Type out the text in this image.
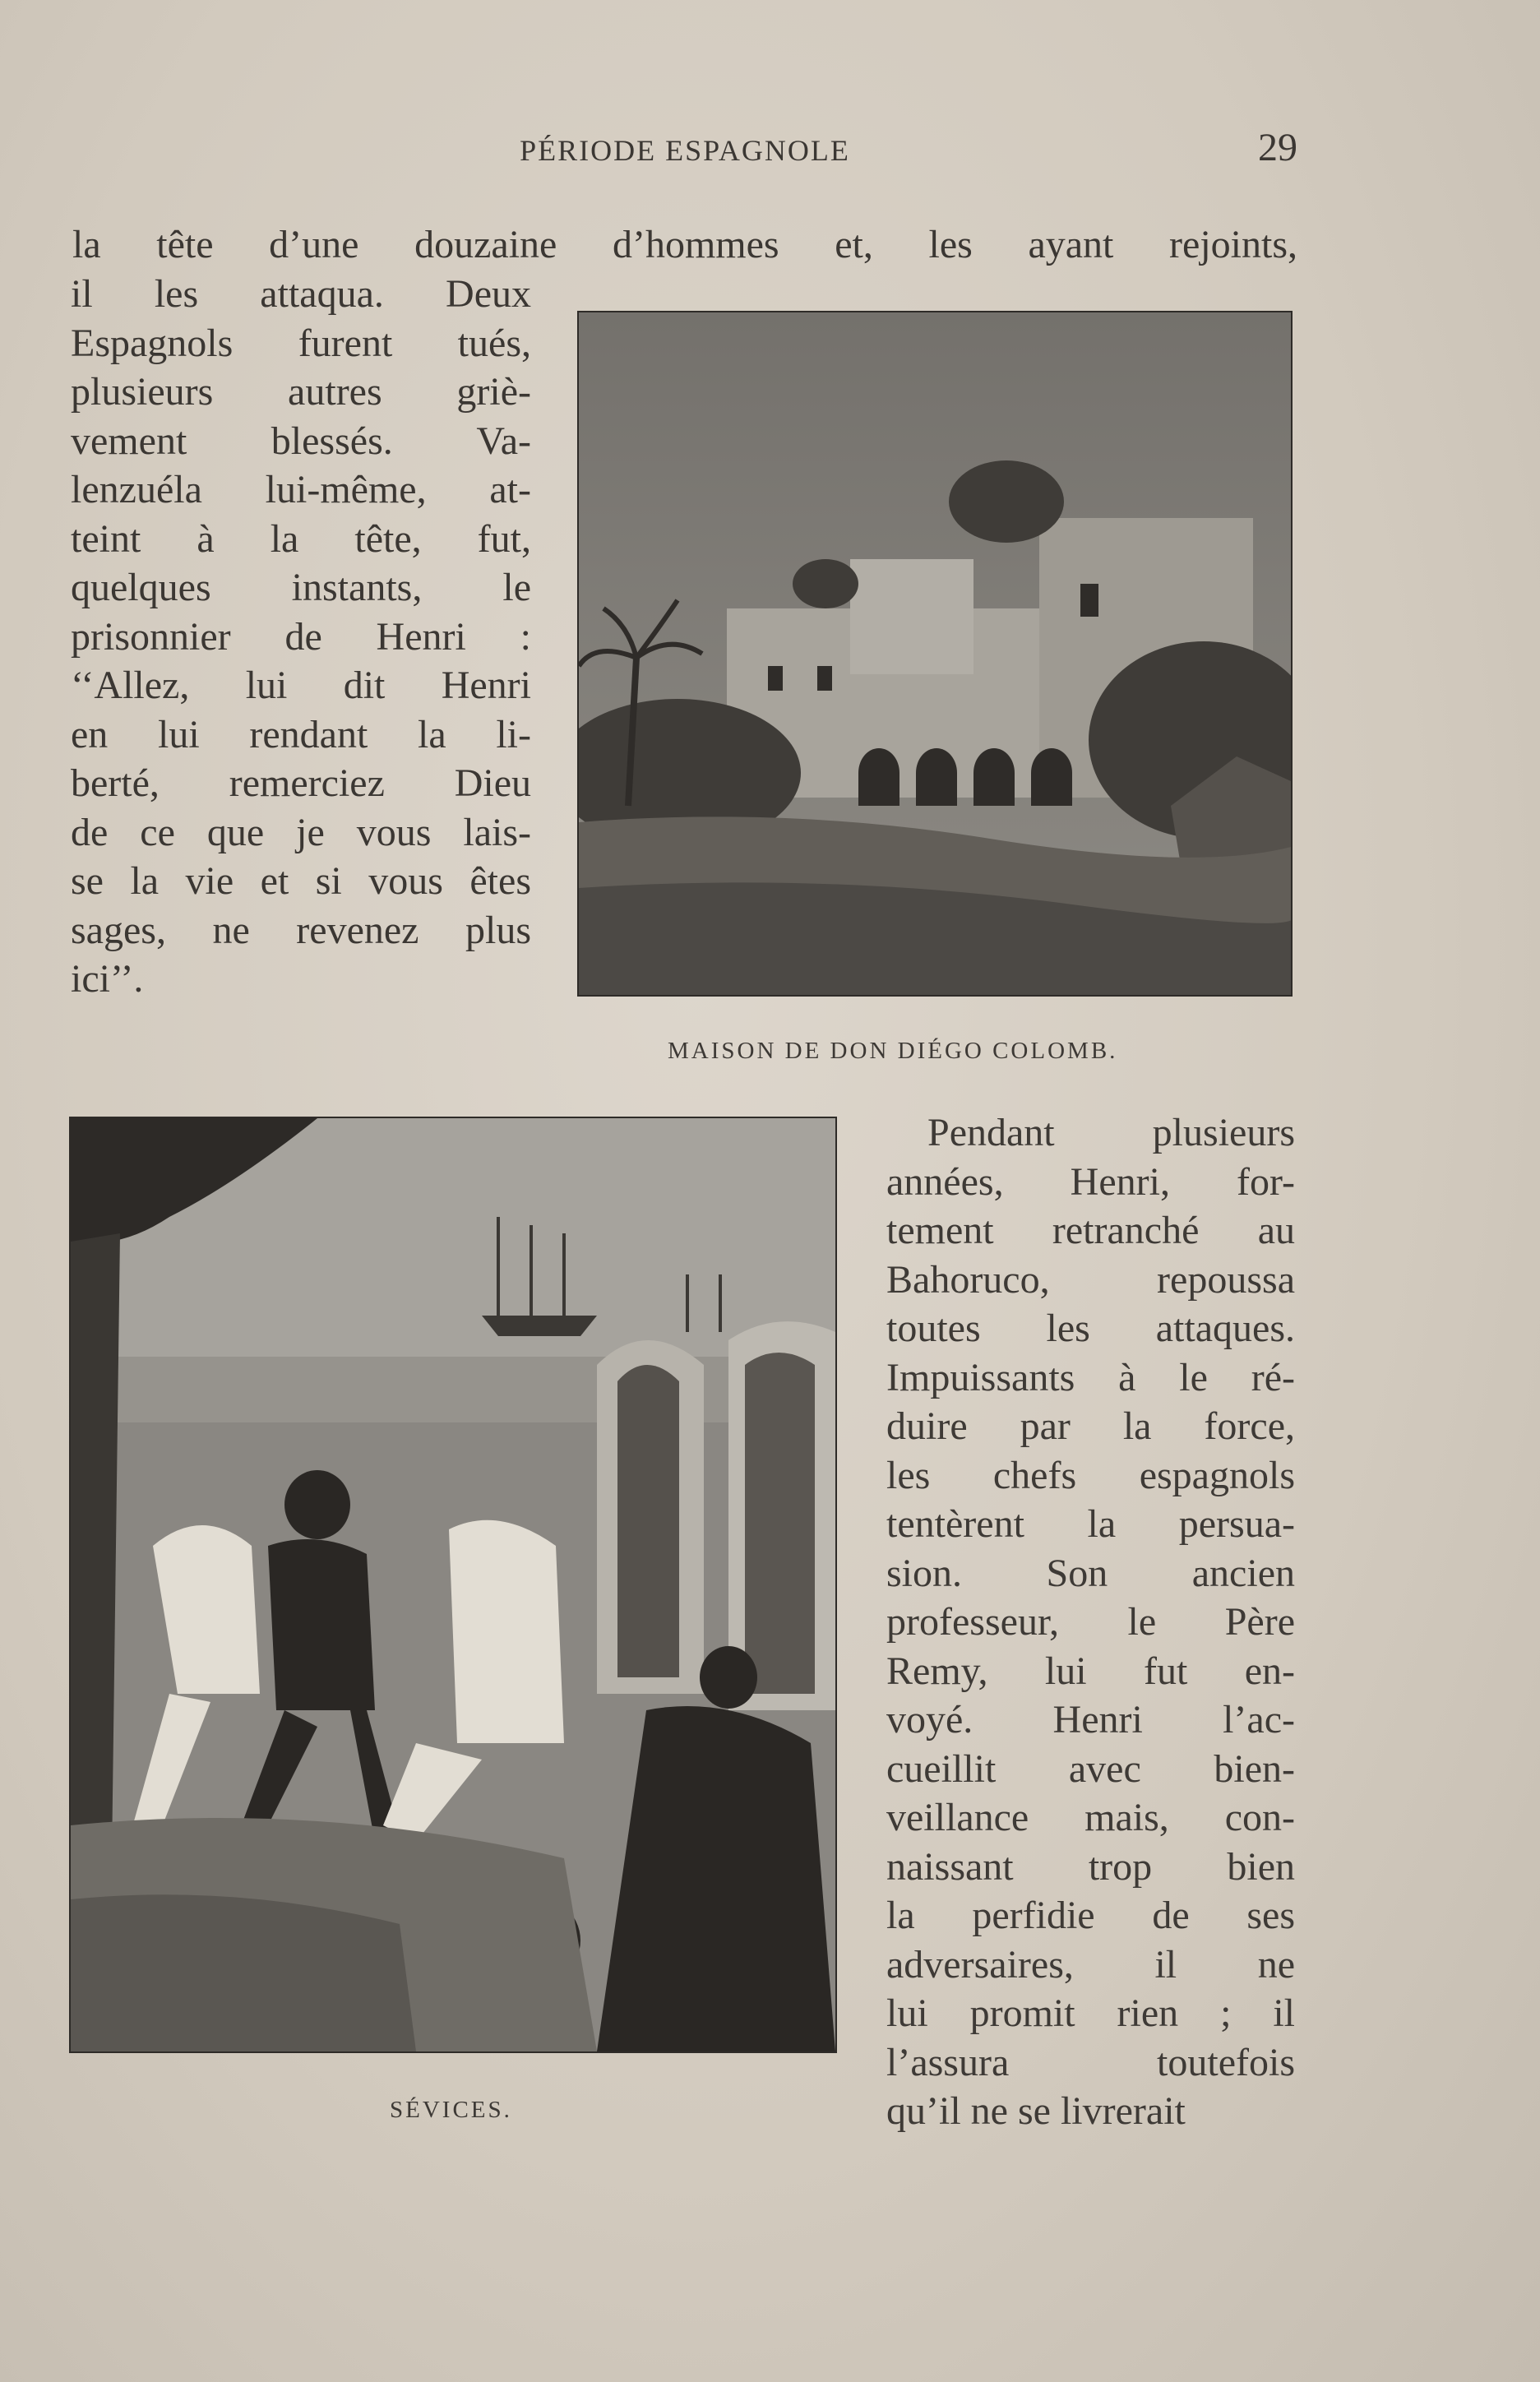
PÉRIODE ESPAGNOLE	29

la tête d’une douzaine d’hommes et, les ayant rejoints,

il les attaqua. Deux
Espagnols furent tués,
plusieurs autres griè-
vement blessés. Va-
lenzuéla lui-même, at-
teint à la tête, fut,
quelques instants, le
prisonnier de Henri :
‘‘Allez, lui dit Henri
en lui rendant la li-
berté, remerciez Dieu
de ce que je vous lais-
se la vie et si vous êtes
sages, ne revenez plus
ici’’.

MAISON DE DON DIÉGO COLOMB.
SÉVICES.

Pendant plusieurs
années, Henri, for-
tement retranché au
Bahoruco, repoussa
toutes les attaques.
Impuissants à le ré-
duire par la force,
les chefs espagnols
tentèrent la persua-
sion. Son ancien
professeur, le Père
Remy, lui fut en-
voyé. Henri l’ac-
cueillit avec bien-
veillance mais, con-
naissant trop bien
la perfidie de ses
adversaires, il ne
lui promit rien ; il
l’assura toutefois
qu’il ne se livrerait
